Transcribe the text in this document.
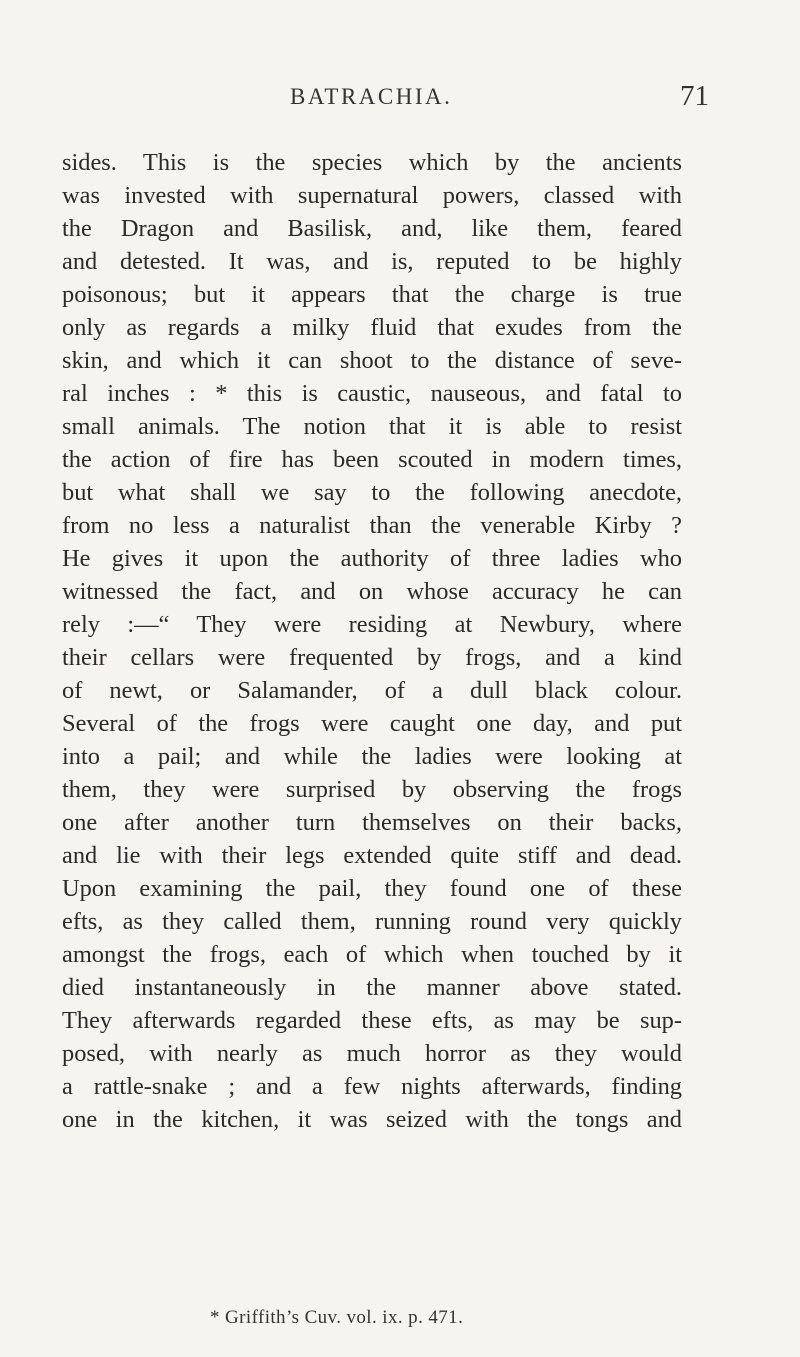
BATRACHIA.	71
sides. This is the species which by the ancients
was invested with supernatural powers, classed with
the Dragon and Basilisk, and, like them, feared
and detested. It was, and is, reputed to be highly
poisonous; but it appears that the charge is true
only as regards a milky fluid that exudes from the
skin, and which it can shoot to the distance of seve-
ral inches : * this is caustic, nauseous, and fatal to
small animals. The notion that it is able to resist
the action of fire has been scouted in modern times,
but what shall we say to the following anecdote,
from no less a naturalist than the venerable Kirby ?
He gives it upon the authority of three ladies who
witnessed the fact, and on whose accuracy he can
rely :—“ They were residing at Newbury, where
their cellars were frequented by frogs, and a kind
of newt, or Salamander, of a dull black colour.
Several of the frogs were caught one day, and put
into a pail; and while the ladies were looking at
them, they were surprised by observing the frogs
one after another turn themselves on their backs,
and lie with their legs extended quite stiff and dead.
Upon examining the pail, they found one of these
efts, as they called them, running round very quickly
amongst the frogs, each of which when touched by it
died instantaneously in the manner above stated.
They afterwards regarded these efts, as may be sup-
posed, with nearly as much horror as they would
a rattle-snake ; and a few nights afterwards, finding
one in the kitchen, it was seized with the tongs and
* Griffith’s Cuv. vol. ix. p. 471.
